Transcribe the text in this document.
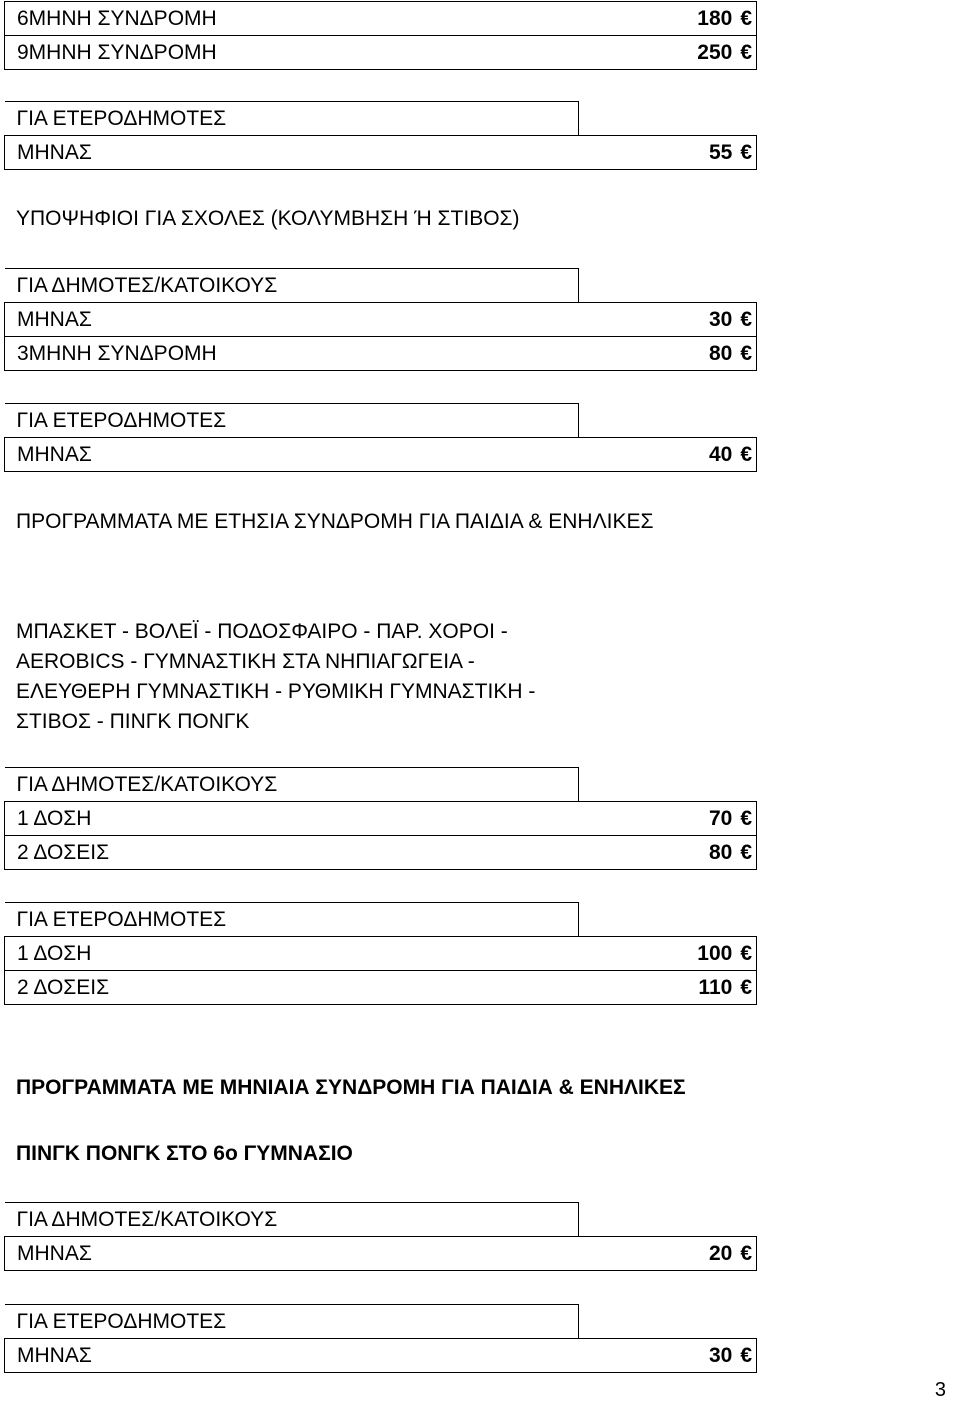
6ΜΗΝΗ ΣΥΝΔΡΟΜΗ	180 €
9ΜΗΝΗ ΣΥΝΔΡΟΜΗ	250 €
ΓΙΑ ΕΤΕΡΟΔΗΜΟΤΕΣ	
ΜΗΝΑΣ	55 €
ΥΠΟΨΗΦΙΟΙ ΓΙΑ ΣΧΟΛΕΣ (ΚΟΛΥΜΒΗΣΗ Ή ΣΤΙΒΟΣ)
ΓΙΑ ΔΗΜΟΤΕΣ/ΚΑΤΟΙΚΟΥΣ	
ΜΗΝΑΣ	30 €
3ΜΗΝΗ ΣΥΝΔΡΟΜΗ	80 €
ΓΙΑ ΕΤΕΡΟΔΗΜΟΤΕΣ	
ΜΗΝΑΣ	40 €
ΠΡΟΓΡΑΜΜΑΤΑ ΜΕ ΕΤΗΣΙΑ ΣΥΝΔΡΟΜΗ ΓΙΑ ΠΑΙΔΙΑ & ΕΝΗΛΙΚΕΣ
ΜΠΑΣΚΕΤ - ΒΟΛΕΪ - ΠΟΔΟΣΦΑΙΡΟ - ΠΑΡ. ΧΟΡΟΙ - AEROBICS - ΓΥΜΝΑΣΤΙΚΗ ΣΤΑ ΝΗΠΙΑΓΩΓΕΙΑ - ΕΛΕΥΘΕΡΗ ΓΥΜΝΑΣΤΙΚΗ - ΡΥΘΜΙΚΗ ΓΥΜΝΑΣΤΙΚΗ - ΣΤΙΒΟΣ - ΠΙΝΓΚ ΠΟΝΓΚ
ΓΙΑ ΔΗΜΟΤΕΣ/ΚΑΤΟΙΚΟΥΣ	
1 ΔΟΣΗ	70 €
2 ΔΟΣΕΙΣ	80 €
ΓΙΑ ΕΤΕΡΟΔΗΜΟΤΕΣ	
1 ΔΟΣΗ	100 €
2 ΔΟΣΕΙΣ	110 €
ΠΡΟΓΡΑΜΜΑΤΑ ΜΕ ΜΗΝΙΑΙΑ ΣΥΝΔΡΟΜΗ ΓΙΑ ΠΑΙΔΙΑ & ΕΝΗΛΙΚΕΣ
ΠΙΝΓΚ ΠΟΝΓΚ ΣΤΟ 6ο ΓΥΜΝΑΣΙΟ
ΓΙΑ ΔΗΜΟΤΕΣ/ΚΑΤΟΙΚΟΥΣ	
ΜΗΝΑΣ	20 €
ΓΙΑ ΕΤΕΡΟΔΗΜΟΤΕΣ	
ΜΗΝΑΣ	30 €
3
